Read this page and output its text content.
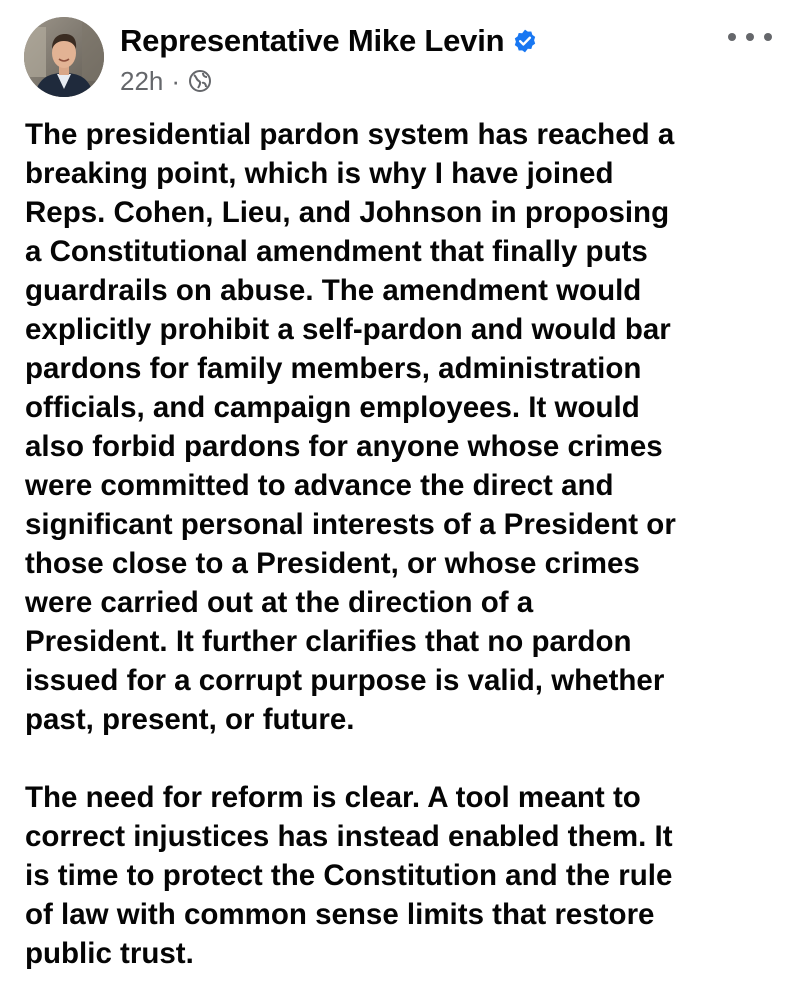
Representative Mike Levin
22h ·

The presidential pardon system has reached a
breaking point, which is why I have joined
Reps. Cohen, Lieu, and Johnson in proposing
a Constitutional amendment that finally puts
guardrails on abuse. The amendment would
explicitly prohibit a self-pardon and would bar
pardons for family members, administration
officials, and campaign employees. It would
also forbid pardons for anyone whose crimes
were committed to advance the direct and
significant personal interests of a President or
those close to a President, or whose crimes
were carried out at the direction of a
President. It further clarifies that no pardon
issued for a corrupt purpose is valid, whether
past, present, or future.

The need for reform is clear. A tool meant to
correct injustices has instead enabled them. It
is time to protect the Constitution and the rule
of law with common sense limits that restore
public trust.
